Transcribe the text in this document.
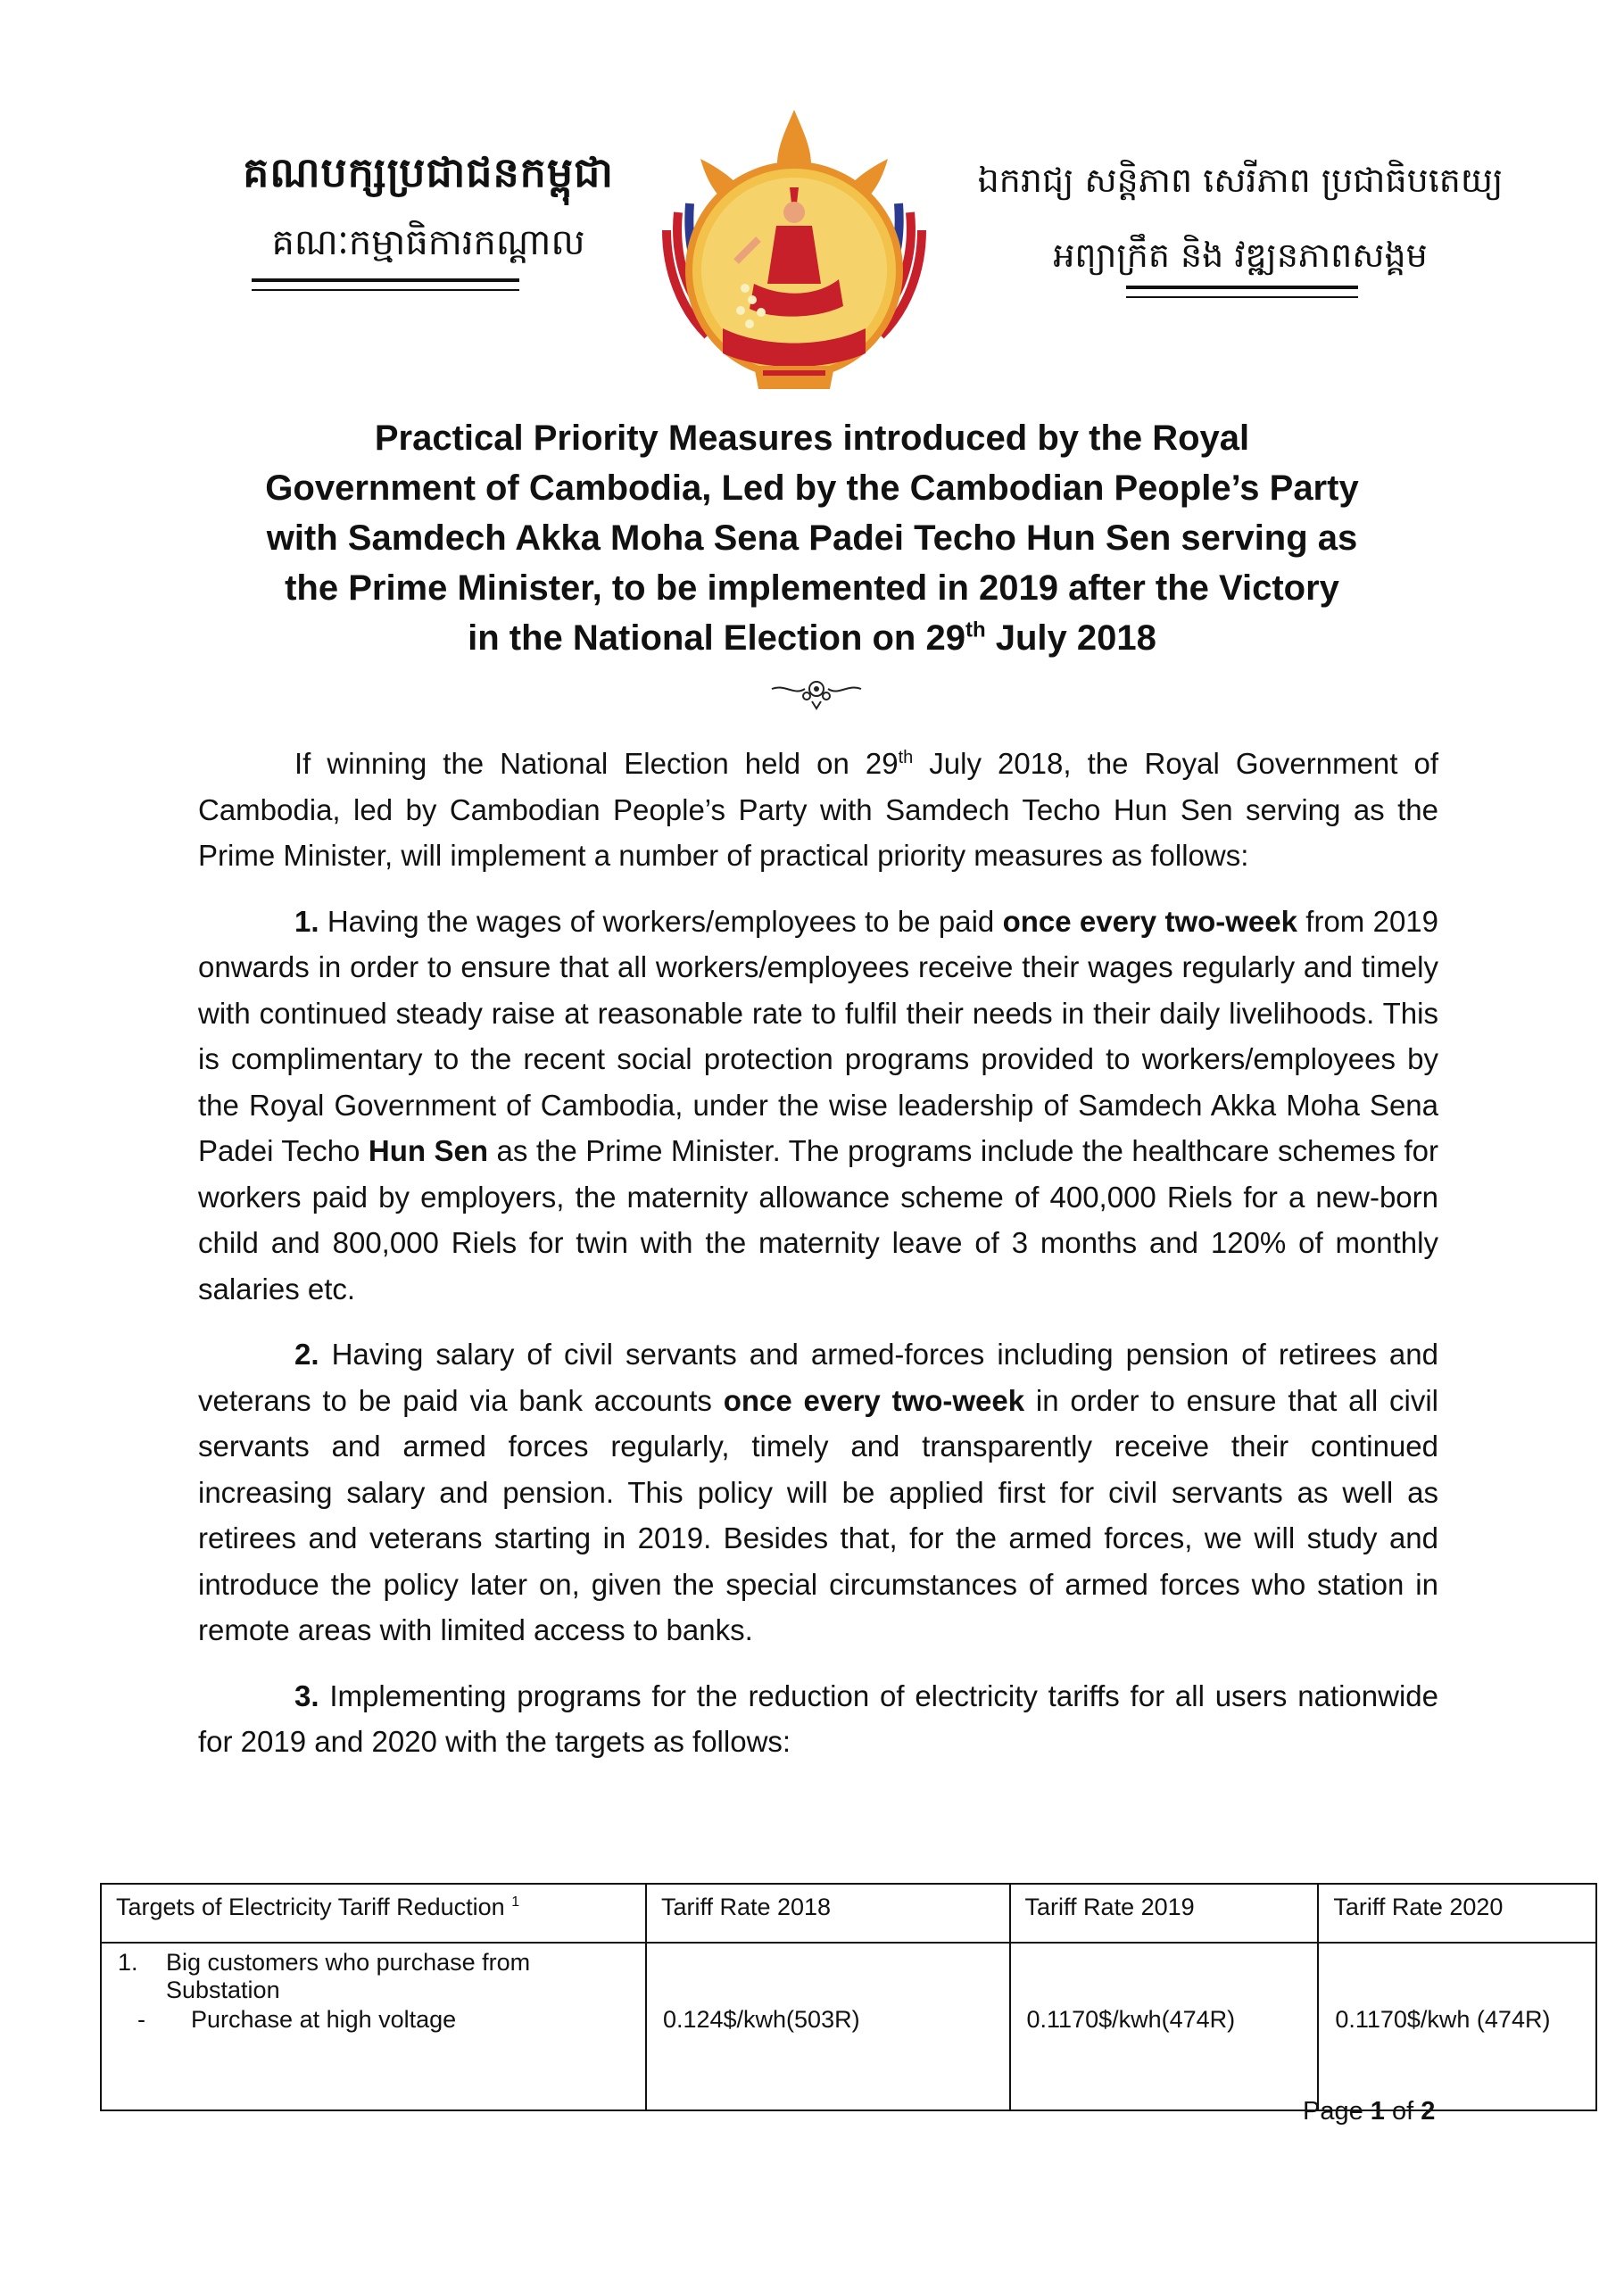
គណបក្សប្រជាជនកម្ពុជា
គណៈកម្មាធិការកណ្តាល
ឯករាជ្យ សន្តិភាព សេរីភាព ប្រជាធិបតេយ្យ
អព្យាក្រឹត និង វឌ្ឍនភាពសង្គម
Practical Priority Measures introduced by the Royal
Government of Cambodia, Led by the Cambodian People’s Party
with Samdech Akka Moha Sena Padei Techo Hun Sen serving as
the Prime Minister, to be implemented in 2019 after the Victory
in the National Election on 29th July 2018

If winning the National Election held on 29th July 2018, the Royal Government of Cambodia, led by Cambodian People’s Party with Samdech Techo Hun Sen serving as the Prime Minister, will implement a number of practical priority measures as follows:

1. Having the wages of workers/employees to be paid once every two-week from 2019 onwards in order to ensure that all workers/employees receive their wages regularly and timely with continued steady raise at reasonable rate to fulfil their needs in their daily livelihoods. This is complimentary to the recent social protection programs provided to workers/employees by the Royal Government of Cambodia, under the wise leadership of Samdech Akka Moha Sena Padei Techo Hun Sen as the Prime Minister. The programs include the healthcare schemes for workers paid by employers, the maternity allowance scheme of 400,000 Riels for a new-born child and 800,000 Riels for twin with the maternity leave of 3 months and 120% of monthly salaries etc.

2. Having salary of civil servants and armed-forces including pension of retirees and veterans to be paid via bank accounts once every two-week in order to ensure that all civil servants and armed forces regularly, timely and transparently receive their continued increasing salary and pension. This policy will be applied first for civil servants as well as retirees and veterans starting in 2019. Besides that, for the armed forces, we will study and introduce the policy later on, given the special circumstances of armed forces who station in remote areas with limited access to banks.

3. Implementing programs for the reduction of electricity tariffs for all users nationwide for 2019 and 2020 with the targets as follows:

Targets of Electricity Tariff Reduction $^1$	Tariff Rate 2018	Tariff Rate 2019	Tariff Rate 2020

1. Big customers who purchase from
Substation
- Purchase at high voltage	0.124$/kwh(503R)	0.1170$/kwh(474R)	0.1170$/kwh (474R)
Page 1 of 2
